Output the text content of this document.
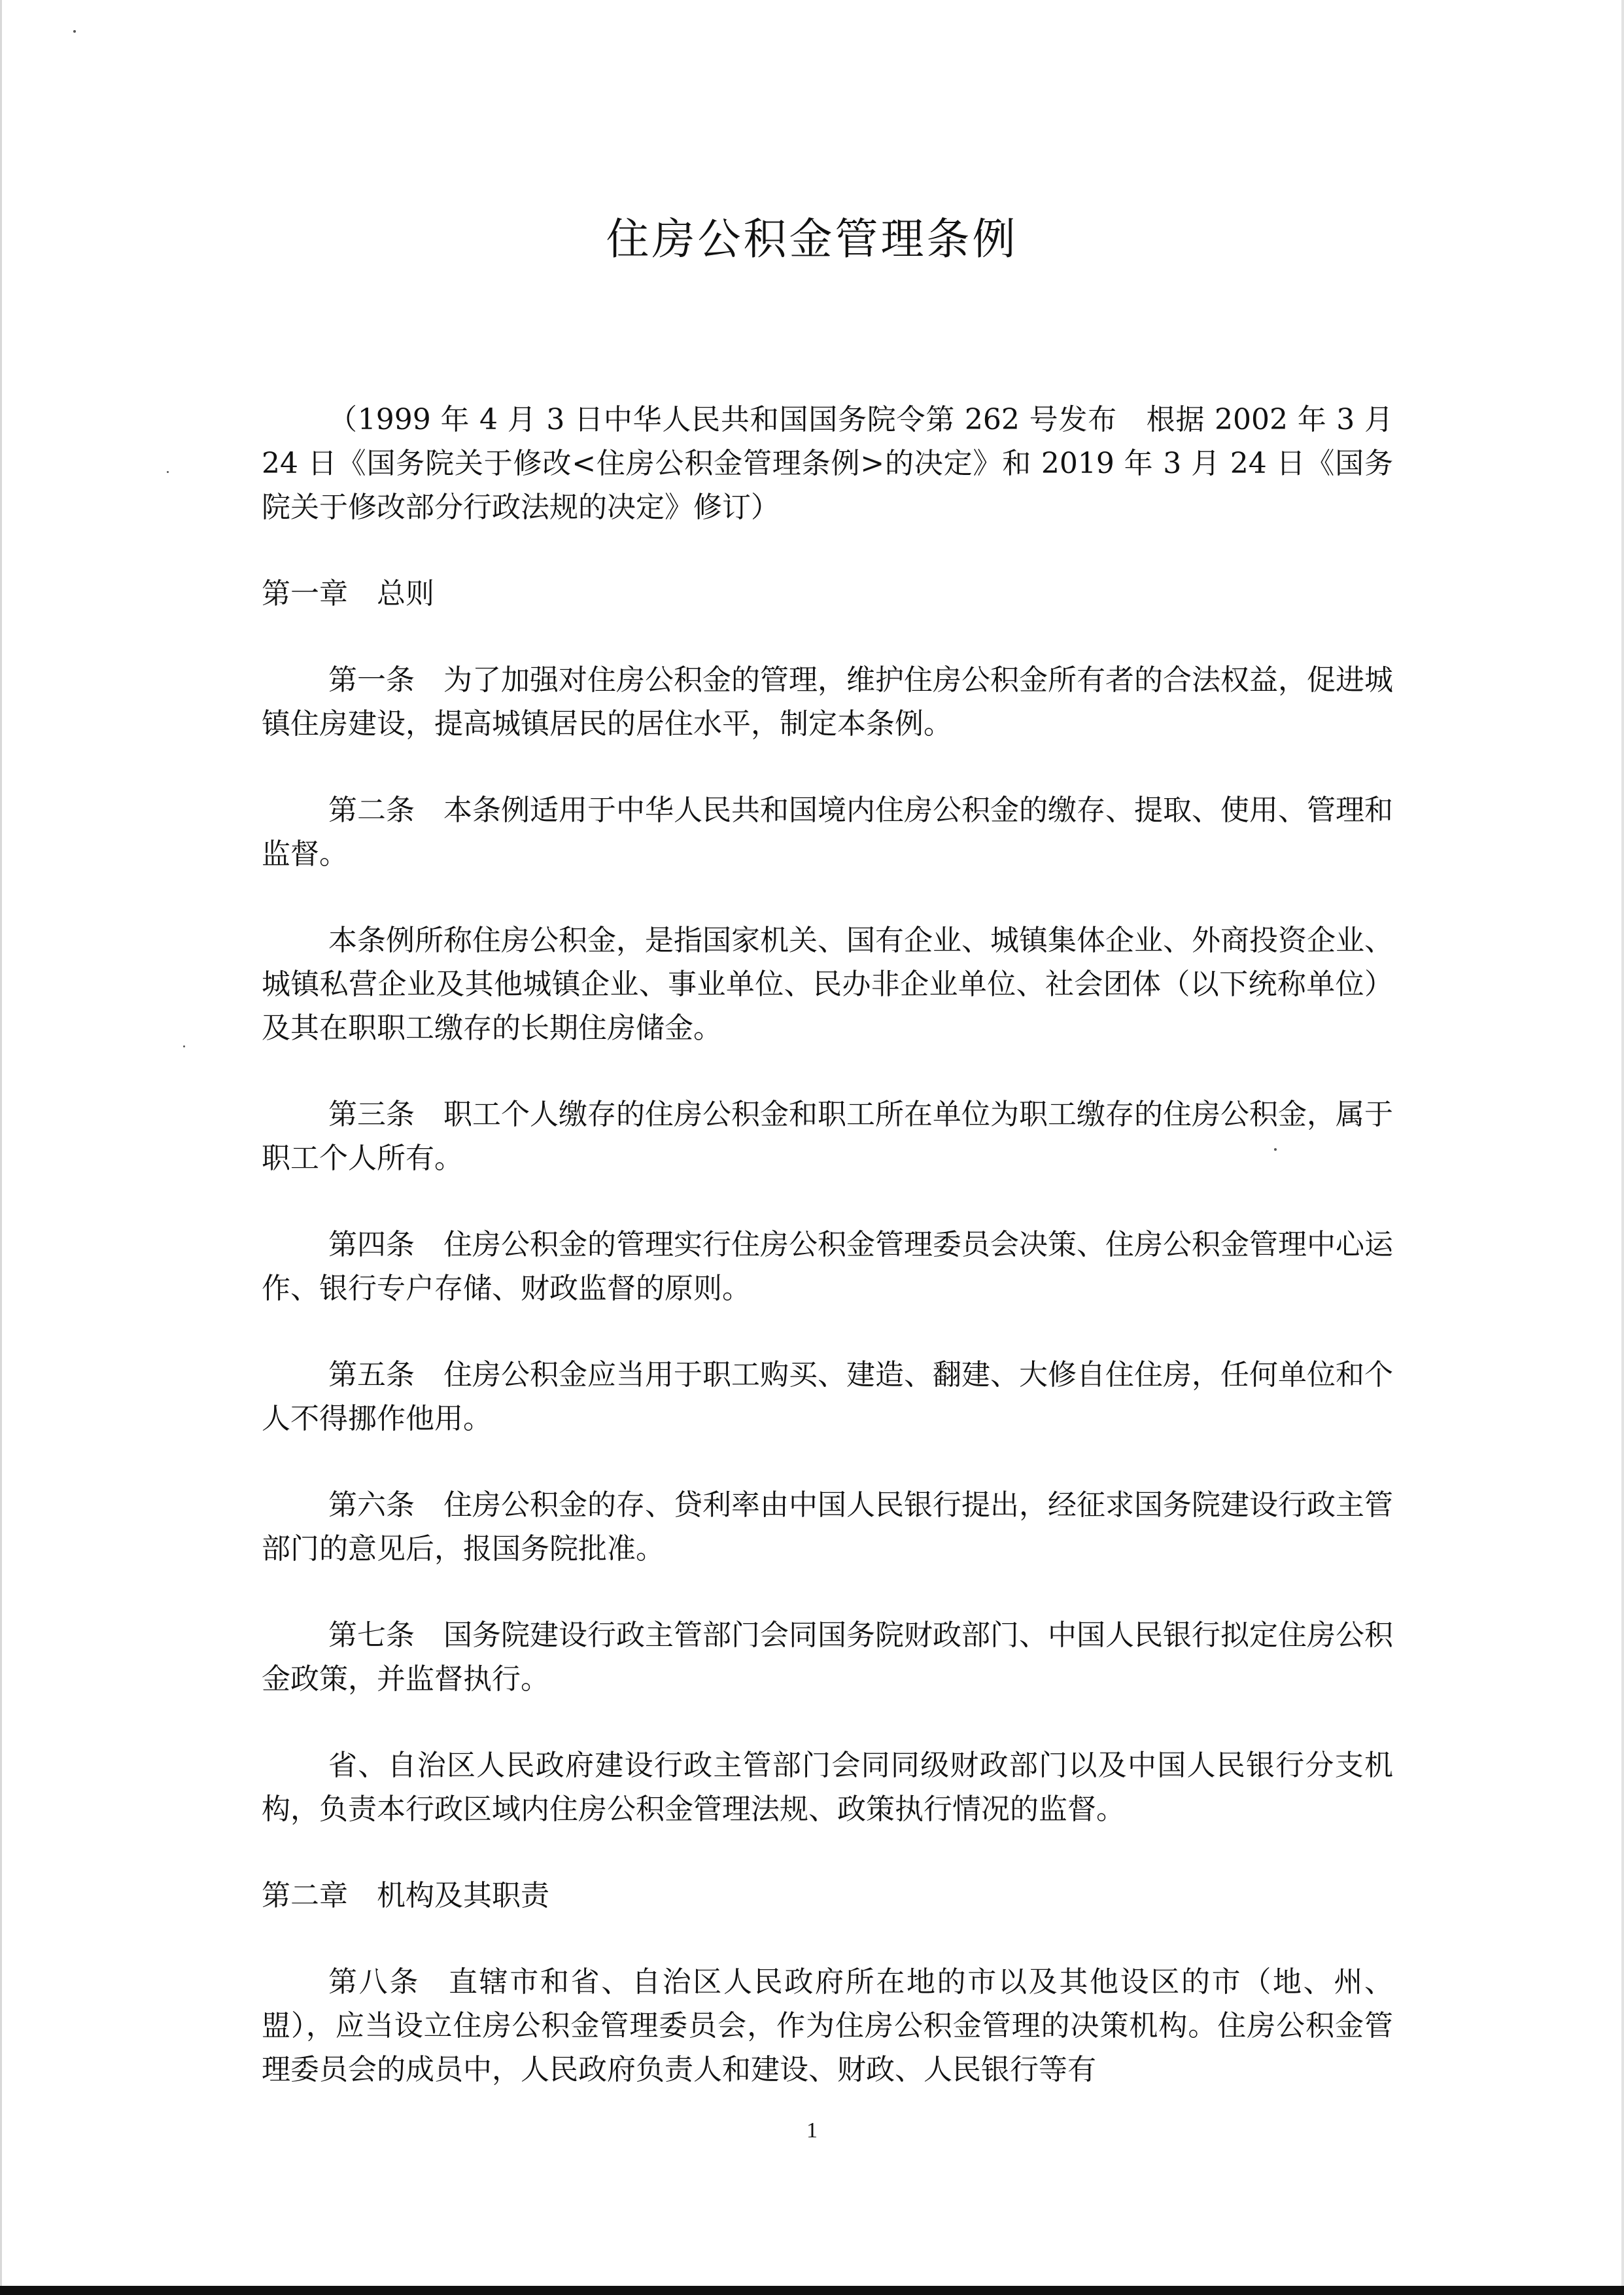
住房公积金管理条例

（1999 年 4 月 3 日中华人民共和国国务院令第 262 号发布　根据 2002 年 3 月 24 日《国务院关于修改<住房公积金管理条例>的决定》和 2019 年 3 月 24 日《国务院关于修改部分行政法规的决定》修订）

第一章 总则

第一条 为了加强对住房公积金的管理，维护住房公积金所有者的合法权益，促进城镇住房建设，提高城镇居民的居住水平，制定本条例。

第二条 本条例适用于中华人民共和国境内住房公积金的缴存、提取、使用、管理和监督。

本条例所称住房公积金，是指国家机关、国有企业、城镇集体企业、外商投资企业、城镇私营企业及其他城镇企业、事业单位、民办非企业单位、社会团体（以下统称单位）及其在职职工缴存的长期住房储金。

第三条 职工个人缴存的住房公积金和职工所在单位为职工缴存的住房公积金，属于职工个人所有。

第四条 住房公积金的管理实行住房公积金管理委员会决策、住房公积金管理中心运作、银行专户存储、财政监督的原则。

第五条 住房公积金应当用于职工购买、建造、翻建、大修自住住房，任何单位和个人不得挪作他用。

第六条 住房公积金的存、贷利率由中国人民银行提出，经征求国务院建设行政主管部门的意见后，报国务院批准。

第七条 国务院建设行政主管部门会同国务院财政部门、中国人民银行拟定住房公积金政策，并监督执行。

省、自治区人民政府建设行政主管部门会同同级财政部门以及中国人民银行分支机构，负责本行政区域内住房公积金管理法规、政策执行情况的监督。

第二章 机构及其职责

第八条 直辖市和省、自治区人民政府所在地的市以及其他设区的市（地、州、盟），应当设立住房公积金管理委员会，作为住房公积金管理的决策机构。住房公积金管理委员会的成员中，人民政府负责人和建设、财政、人民银行等有

1
